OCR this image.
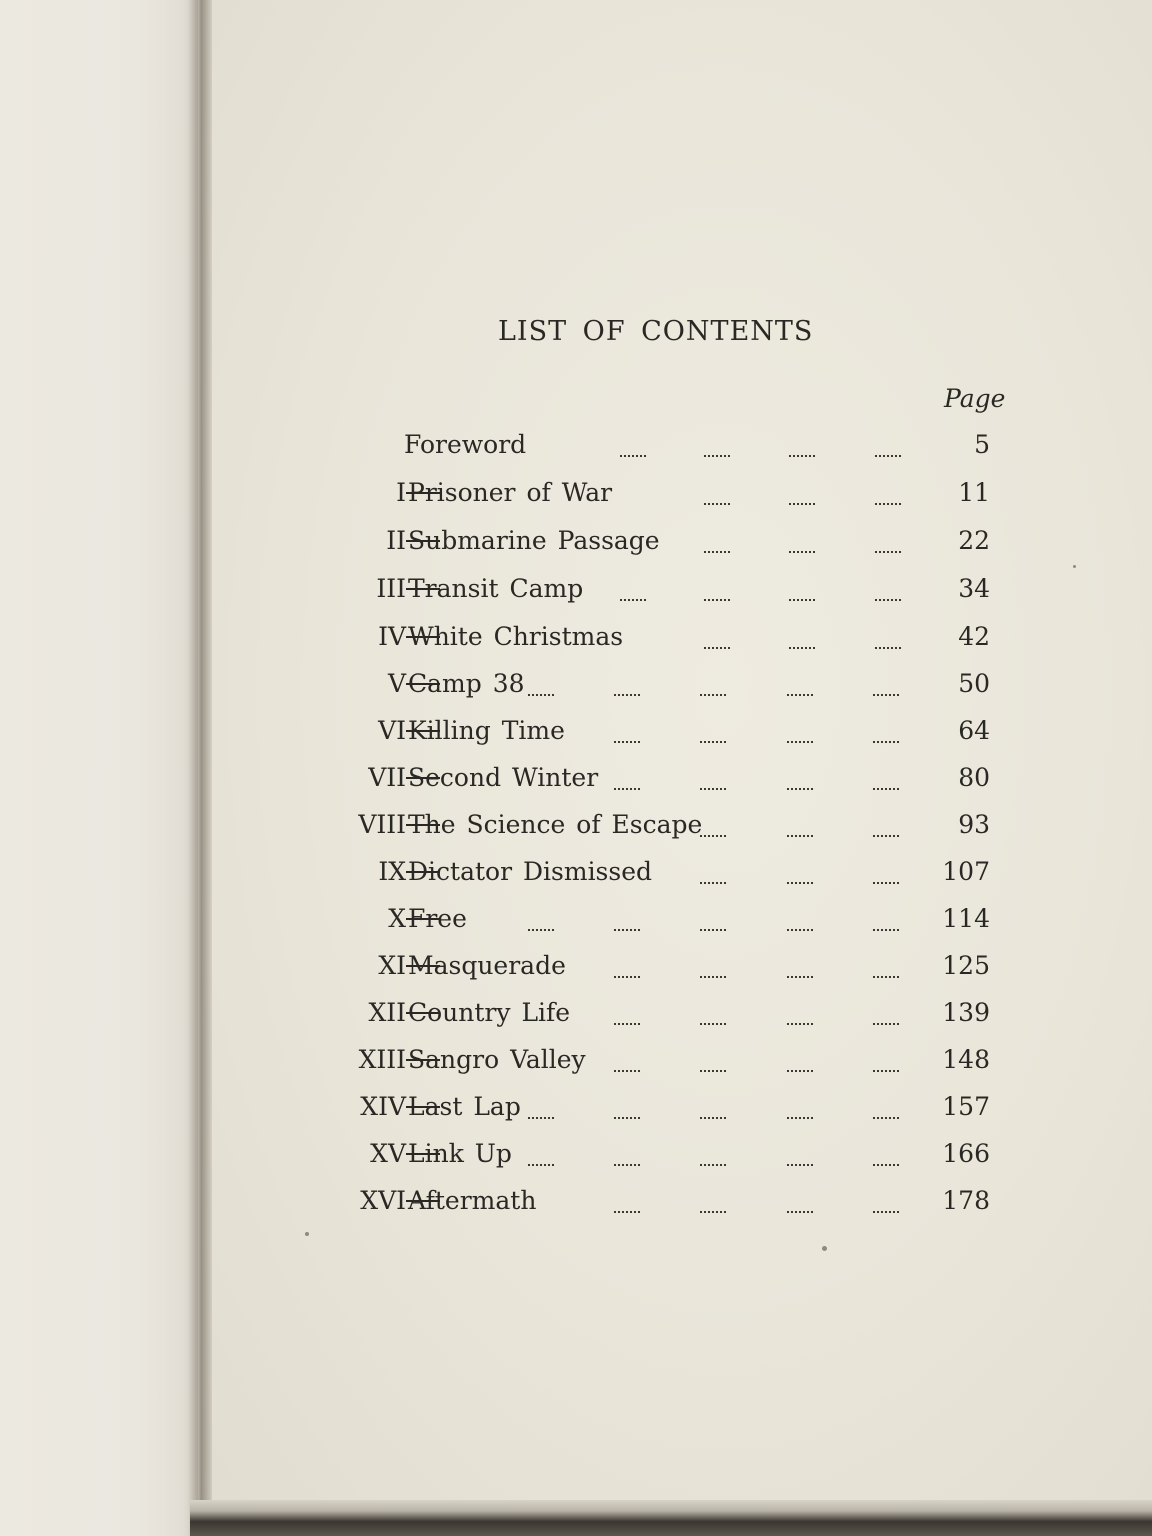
LIST OF CONTENTS
Page
Foreword	5
I Prisoner of War	11
II Submarine Passage	22
III Transit Camp	34
IV White Christmas	42
V Camp 38	50
VI Killing Time	64
VII Second Winter	80
VIII The Science of Escape	93
IX Dictator Dismissed	107
X Free	114
XI Masquerade	125
XII Country Life	139
XIII Sangro Valley	148
XIV Last Lap	157
XV Link Up	166
XVI Aftermath	178
